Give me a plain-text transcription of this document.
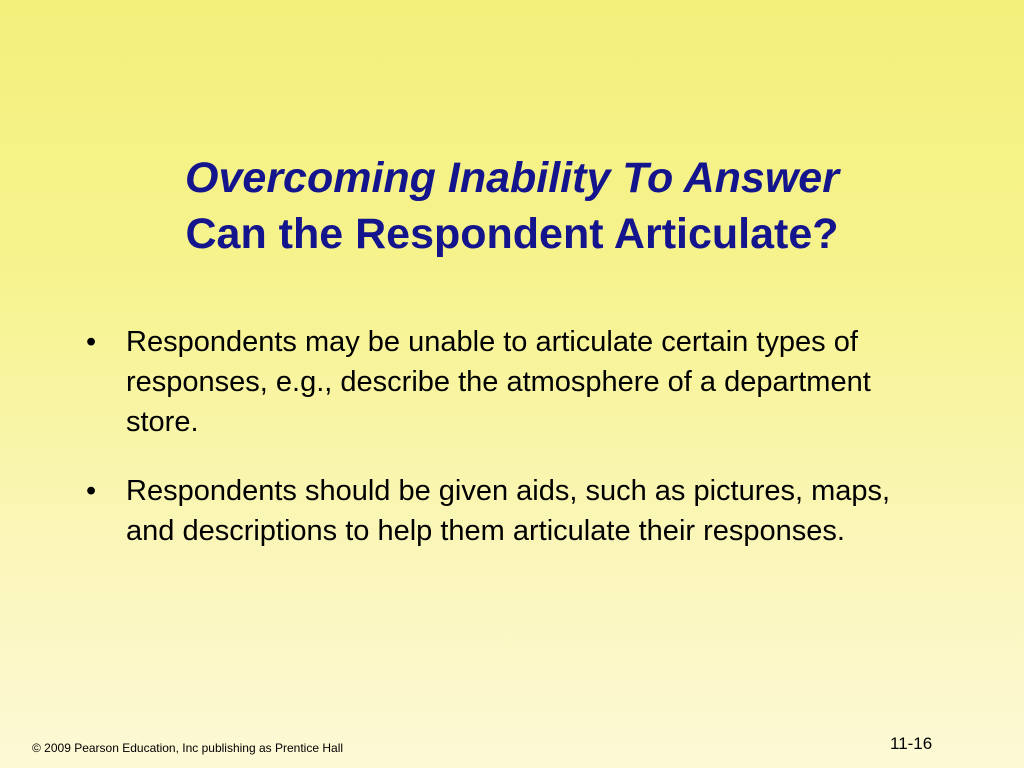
Overcoming Inability To Answer
Can the Respondent Articulate?
• Respondents may be unable to articulate certain types of responses, e.g., describe the atmosphere of a department store.
• Respondents should be given aids, such as pictures, maps, and descriptions to help them articulate their responses.
© 2009 Pearson Education, Inc publishing as Prentice Hall	11-16
